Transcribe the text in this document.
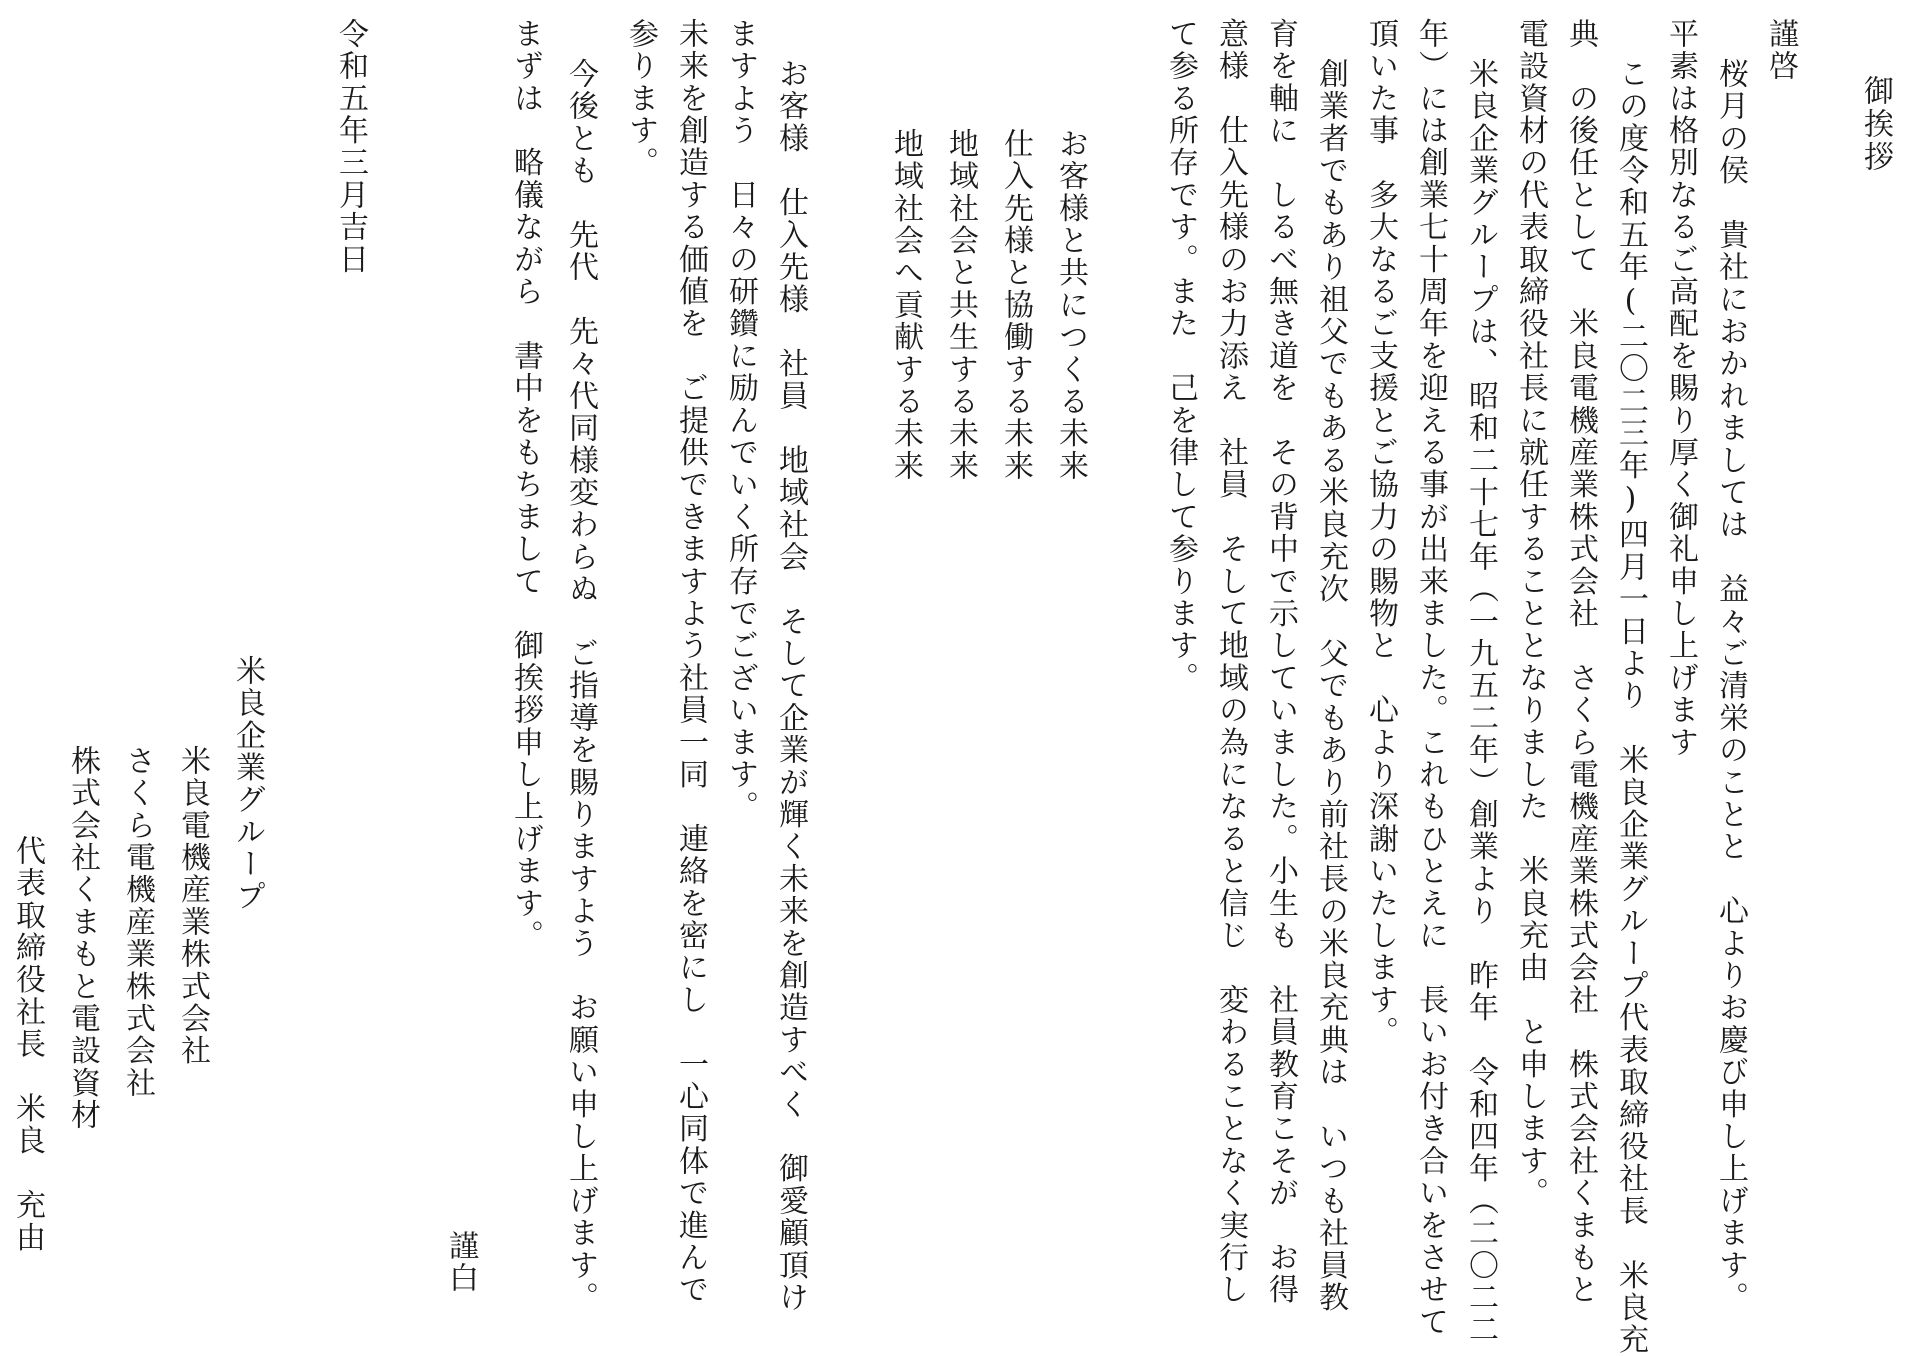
御挨拶
謹啓
桜月の侯　貴社におかれましては　益々ご清栄のことと　心よりお慶び申し上げます。
平素は格別なるご高配を賜り厚く御礼申し上げます
この度令和五年(二〇二三年)四月一日より　米良企業グループ代表取締役社長　米良充
典　の後任として　米良電機産業株式会社　さくら電機産業株式会社　株式会社くまもと
電設資材の代表取締役社長に就任することとなりました　米良充由　と申します。
米良企業グループは、昭和二十七年（一九五二年）創業より　昨年　令和四年（二〇二二
年）には創業七十周年を迎える事が出来ました。これもひとえに　長いお付き合いをさせて
頂いた事　多大なるご支援とご協力の賜物と　心より深謝いたします。
創業者でもあり祖父でもある米良充次　父でもあり前社長の米良充典は　いつも社員教
育を軸に　しるべ無き道を　その背中で示していました。小生も　社員教育こそが　お得
意様　仕入先様のお力添え　社員　そして地域の為になると信じ　変わることなく実行し
て参る所存です。また　己を律して参ります。
お客様と共につくる未来
仕入先様と協働する未来
地域社会と共生する未来
地域社会へ貢献する未来
お客様　仕入先様　社員　地域社会　そして企業が輝く未来を創造すべく　御愛顧頂け
ますよう　日々の研鑽に励んでいく所存でございます。
未来を創造する価値を　ご提供できますよう社員一同　連絡を密にし　一心同体で進んで
参ります。
今後とも　先代　先々代同様変わらぬ　ご指導を賜りますよう　お願い申し上げます。
まずは　略儀ながら　書中をもちまして　御挨拶申し上げます。
謹白
令和五年三月吉日
米良企業グループ
米良電機産業株式会社
さくら電機産業株式会社
株式会社くまもと電設資材
代表取締役社長　米良　充由
